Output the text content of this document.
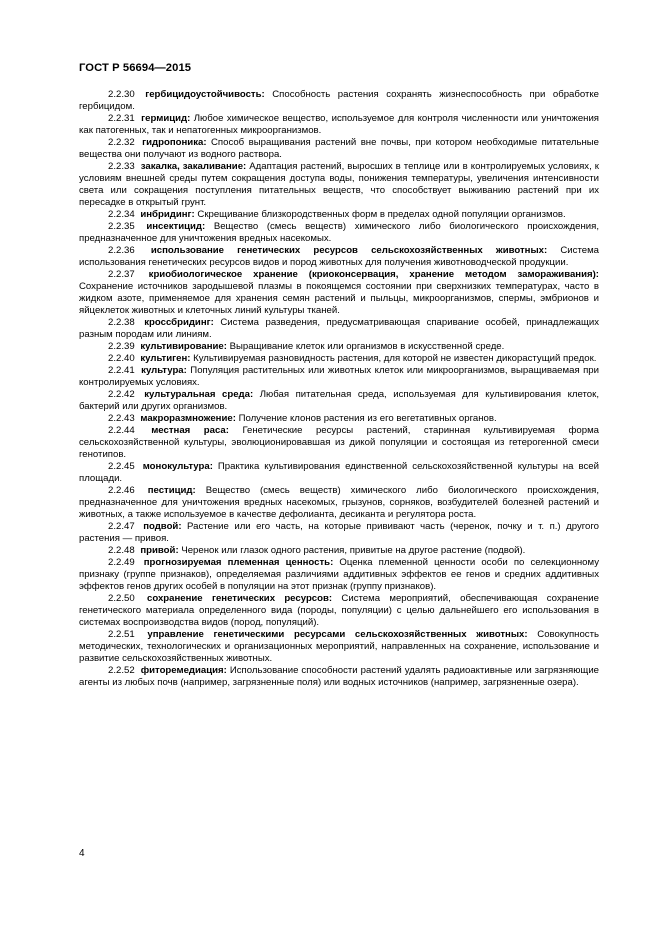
ГОСТ Р 56694—2015

2.2.30 гербицидоустойчивость: Способность растения сохранять жизнеспособность при обработке гербицидом.

2.2.31 гермицид: Любое химическое вещество, используемое для контроля численности или уничтожения как патогенных, так и непатогенных микроорганизмов.

2.2.32 гидропоника: Способ выращивания растений вне почвы, при котором необходимые питательные вещества они получают из водного раствора.

2.2.33 закалка, закаливание: Адаптация растений, выросших в теплице или в контролируемых условиях, к условиям внешней среды путем сокращения доступа воды, понижения температуры, увеличения интенсивности света или сокращения поступления питательных веществ, что способствует выживанию растений при их пересадке в открытый грунт.

2.2.34 инбридинг: Скрещивание близкородственных форм в пределах одной популяции организмов.

2.2.35 инсектицид: Вещество (смесь веществ) химического либо биологического происхождения, предназначенное для уничтожения вредных насекомых.

2.2.36 использование генетических ресурсов сельскохозяйственных животных: Система использования генетических ресурсов видов и пород животных для получения животноводческой продукции.

2.2.37 криобиологическое хранение (криоконсервация, хранение методом замораживания): Сохранение источников зародышевой плазмы в покоящемся состоянии при сверхнизких температурах, часто в жидком азоте, применяемое для хранения семян растений и пыльцы, микроорганизмов, спермы, эмбрионов и яйцеклеток животных и клеточных линий культуры тканей.

2.2.38 кроссбридинг: Система разведения, предусматривающая спаривание особей, принадлежащих разным породам или линиям.

2.2.39 культивирование: Выращивание клеток или организмов в искусственной среде.

2.2.40 культиген: Культивируемая разновидность растения, для которой не известен дикорастущий предок.

2.2.41 культура: Популяция растительных или животных клеток или микроорганизмов, выращиваемая при контролируемых условиях.

2.2.42 культуральная среда: Любая питательная среда, используемая для культивирования клеток, бактерий или других организмов.

2.2.43 макроразмножение: Получение клонов растения из его вегетативных органов.

2.2.44 местная раса: Генетические ресурсы растений, старинная культивируемая форма сельскохозяйственной культуры, эволюционировавшая из дикой популяции и состоящая из гетерогенной смеси генотипов.

2.2.45 монокультура: Практика культивирования единственной сельскохозяйственной культуры на всей площади.

2.2.46 пестицид: Вещество (смесь веществ) химического либо биологического происхождения, предназначенное для уничтожения вредных насекомых, грызунов, сорняков, возбудителей болезней растений и животных, а также используемое в качестве дефолианта, десиканта и регулятора роста.

2.2.47 подвой: Растение или его часть, на которые прививают часть (черенок, почку и т. п.) другого растения — привоя.

2.2.48 привой: Черенок или глазок одного растения, привитые на другое растение (подвой).

2.2.49 прогнозируемая племенная ценность: Оценка племенной ценности особи по селекционному признаку (группе признаков), определяемая различиями аддитивных эффектов ее генов и средних аддитивных эффектов генов других особей в популяции на этот признак (группу признаков).

2.2.50 сохранение генетических ресурсов: Система мероприятий, обеспечивающая сохранение генетического материала определенного вида (породы, популяции) с целью дальнейшего его использования в системах воспроизводства видов (пород, популяций).

2.2.51 управление генетическими ресурсами сельскохозяйственных животных: Совокупность методических, технологических и организационных мероприятий, направленных на сохранение, использование и развитие сельскохозяйственных животных.

2.2.52 фиторемедиация: Использование способности растений удалять радиоактивные или загрязняющие агенты из любых почв (например, загрязненные поля) или водных источников (например, загрязненные озера).

4
